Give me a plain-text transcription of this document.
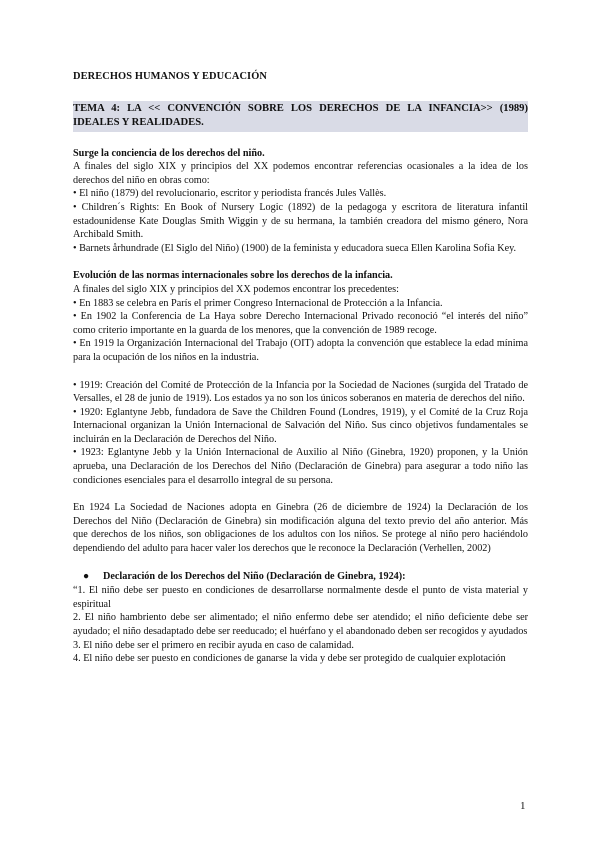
DERECHOS HUMANOS Y EDUCACIÓN

TEMA 4: LA << CONVENCIÓN SOBRE LOS DERECHOS DE LA INFANCIA>> (1989) IDEALES Y REALIDADES.

Surge la conciencia de los derechos del niño.

A finales del siglo XIX y principios del XX podemos encontrar referencias ocasionales a la idea de los derechos del niño en obras como:

• El niño (1879) del revolucionario, escritor y periodista francés Jules Vallès.

• Children´s Rights: En Book of Nursery Logic (1892) de la pedagoga y escritora de literatura infantil estadounidense Kate Douglas Smith Wiggin y de su hermana, la también creadora del mismo género, Nora Archibald Smith.

• Barnets århundrade (El Siglo del Niño) (1900) de la feminista y educadora sueca Ellen Karolina Sofia Key.

Evolución de las normas internacionales sobre los derechos de la infancia.

A finales del siglo XIX y principios del XX podemos encontrar los precedentes:

• En 1883 se celebra en París el primer Congreso Internacional de Protección a la Infancia.

• En 1902 la Conferencia de La Haya sobre Derecho Internacional Privado reconoció “el interés del niño” como criterio importante en la guarda de los menores, que la convención de 1989 recoge.

• En 1919 la Organización Internacional del Trabajo (OIT) adopta la convención que establece la edad mínima para la ocupación de los niños en la industria.

• 1919: Creación del Comité de Protección de la Infancia por la Sociedad de Naciones (surgida del Tratado de Versalles, el 28 de junio de 1919). Los estados ya no son los únicos soberanos en materia de derechos del niño.

• 1920: Eglantyne Jebb, fundadora de Save the Children Found (Londres, 1919), y el Comité de la Cruz Roja Internacional organizan la Unión Internacional de Salvación del Niño. Sus cinco objetivos fundamentales se incluirán en la Declaración de Derechos del Niño.

• 1923: Eglantyne Jebb y la Unión Internacional de Auxilio al Niño (Ginebra, 1920) proponen, y la Unión aprueba, una Declaración de los Derechos del Niño (Declaración de Ginebra) para asegurar a todo niño las condiciones esenciales para el desarrollo integral de su persona.

En 1924 La Sociedad de Naciones adopta en Ginebra (26 de diciembre de 1924) la Declaración de los Derechos del Niño (Declaración de Ginebra) sin modificación alguna del texto previo del año anterior. Más que derechos de los niños, son obligaciones de los adultos con los niños. Se protege al niño pero haciéndolo dependiendo del adulto para hacer valer los derechos que le reconoce la Declaración (Verhellen, 2002)

● Declaración de los Derechos del Niño (Declaración de Ginebra, 1924):

“1. El niño debe ser puesto en condiciones de desarrollarse normalmente desde el punto de vista material y espiritual

2. El niño hambriento debe ser alimentado; el niño enfermo debe ser atendido; el niño deficiente debe ser ayudado; el niño desadaptado debe ser reeducado; el huérfano y el abandonado deben ser recogidos y ayudados

3. El niño debe ser el primero en recibir ayuda en caso de calamidad.

4. El niño debe ser puesto en condiciones de ganarse la vida y debe ser protegido de cualquier explotación

1
